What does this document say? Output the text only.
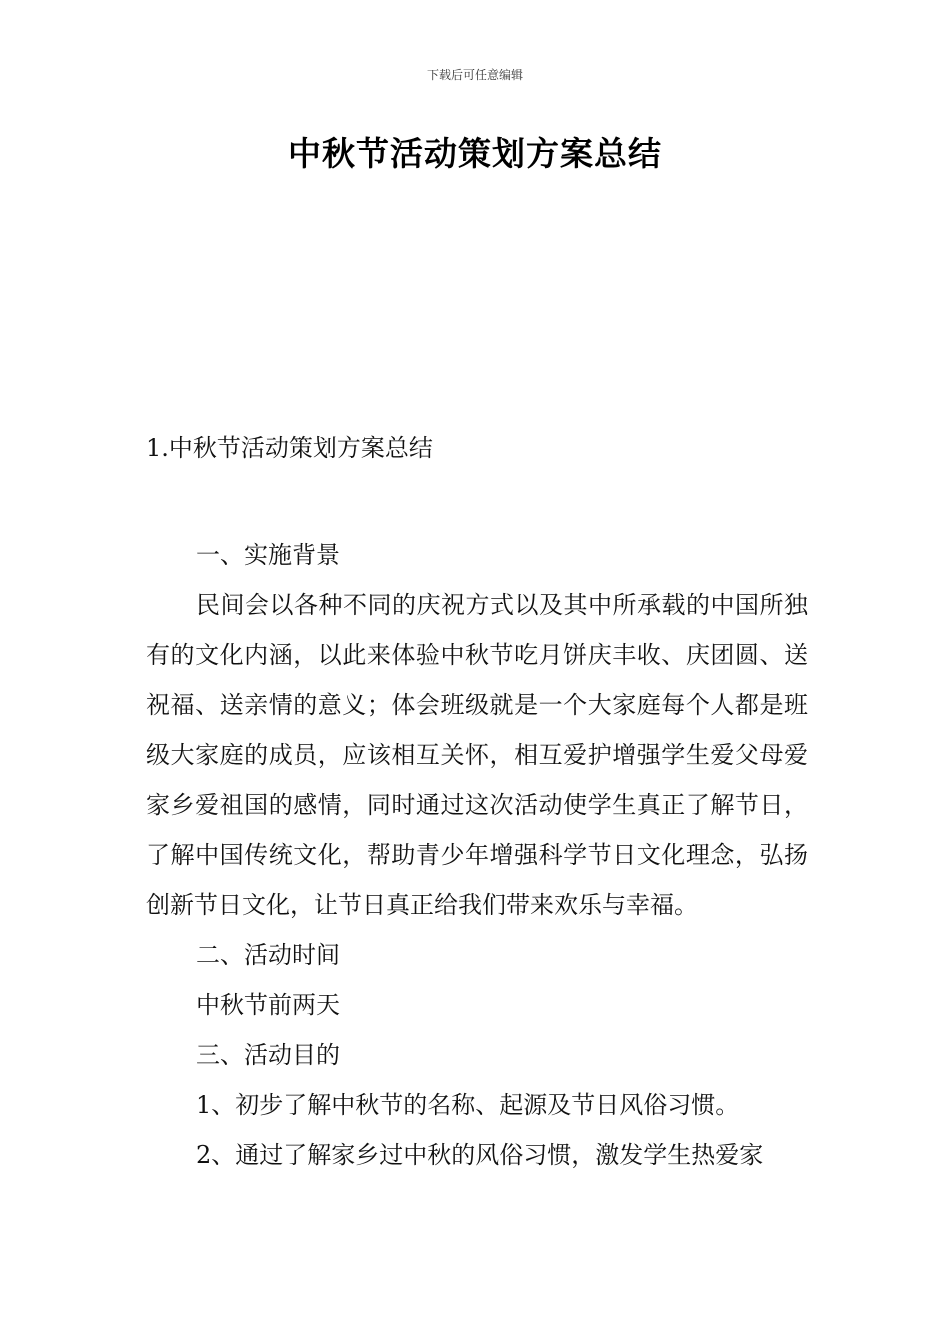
下载后可任意编辑
中秋节活动策划方案总结
1.中秋节活动策划方案总结

一、实施背景

民间会以各种不同的庆祝方式以及其中所承载的中国所独有的文化内涵，以此来体验中秋节吃月饼庆丰收、庆团圆、送祝福、送亲情的意义；体会班级就是一个大家庭每个人都是班级大家庭的成员，应该相互关怀，相互爱护增强学生爱父母爱家乡爱祖国的感情，同时通过这次活动使学生真正了解节日，了解中国传统文化，帮助青少年增强科学节日文化理念，弘扬创新节日文化，让节日真正给我们带来欢乐与幸福。

二、活动时间

中秋节前两天

三、活动目的

1、初步了解中秋节的名称、起源及节日风俗习惯。

2、通过了解家乡过中秋的风俗习惯，激发学生热爱家
